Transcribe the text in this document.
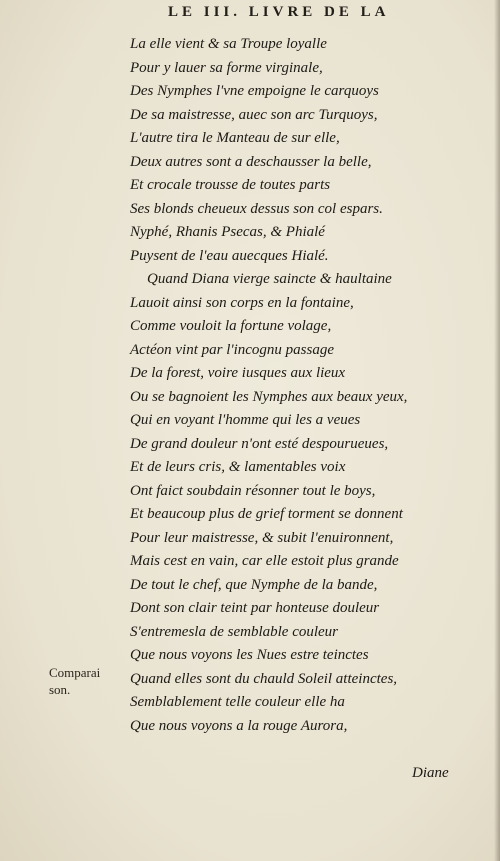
LE III. LIVRE DE LA
La elle vient & sa Troupe loyalle
Pour y lauer sa forme virginale,
Des Nymphes l'vne empoigne le carquoys
De sa maistresse, auec son arc Turquoys,
L'autre tira le Manteau de sur elle,
Deux autres sont a deschausser la belle,
Et crocale trousse de toutes parts
Ses blonds cheueux dessus son col espars.
Nyphé, Rhanis Psecas, & Phialé
Puysent de l'eau auecques Hialé.
Quand Diana vierge saincte & haultaine
Lauoit ainsi son corps en la fontaine,
Comme vouloit la fortune volage,
Actéon vint par l'incognu passage
De la forest, voire iusques aux lieux
Ou se bagnoient les Nymphes aux beaux yeux,
Qui en voyant l'homme qui les a veues
De grand douleur n'ont esté despourueues,
Et de leurs cris, & lamentables voix
Ont faict soubdain résonner tout le boys,
Et beaucoup plus de grief torment se donnent
Pour leur maistresse, & subit l'enuironnent,
Mais cest en vain, car elle estoit plus grande
De tout le chef, que Nymphe de la bande,
Dont son clair teint par honteuse douleur
S'entremesla de semblable couleur
Que nous voyons les Nues estre teinctes
Quand elles sont du chauld Soleil atteinctes,
Semblablement telle couleur elle ha
Que nous voyons a la rouge Aurora,
Comparai
son.
Diane
